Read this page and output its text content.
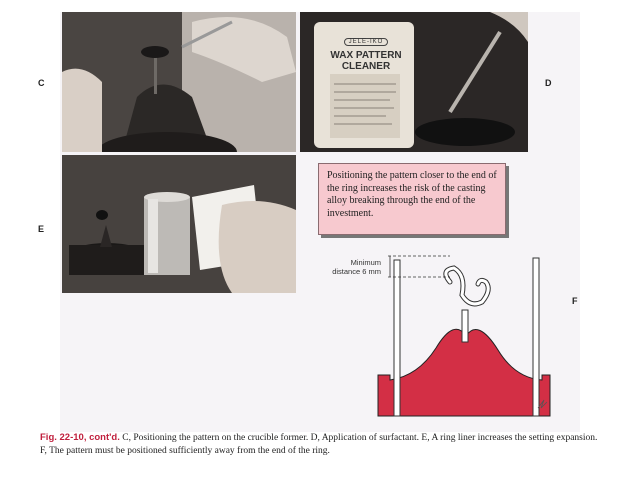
JELE-IKO
WAX PATTERN
CLEANER
C	D
E
F
Positioning the pattern closer to the end of the ring increases the risk of the casting alloy breaking through the end of the investment.
Minimum
distance 6 mm
Fig. 22-10, cont'd. C, Positioning the pattern on the crucible former. D, Application of surfactant. E, A ring liner increases the setting expansion. F, The pattern must be positioned sufficiently away from the end of the ring.
